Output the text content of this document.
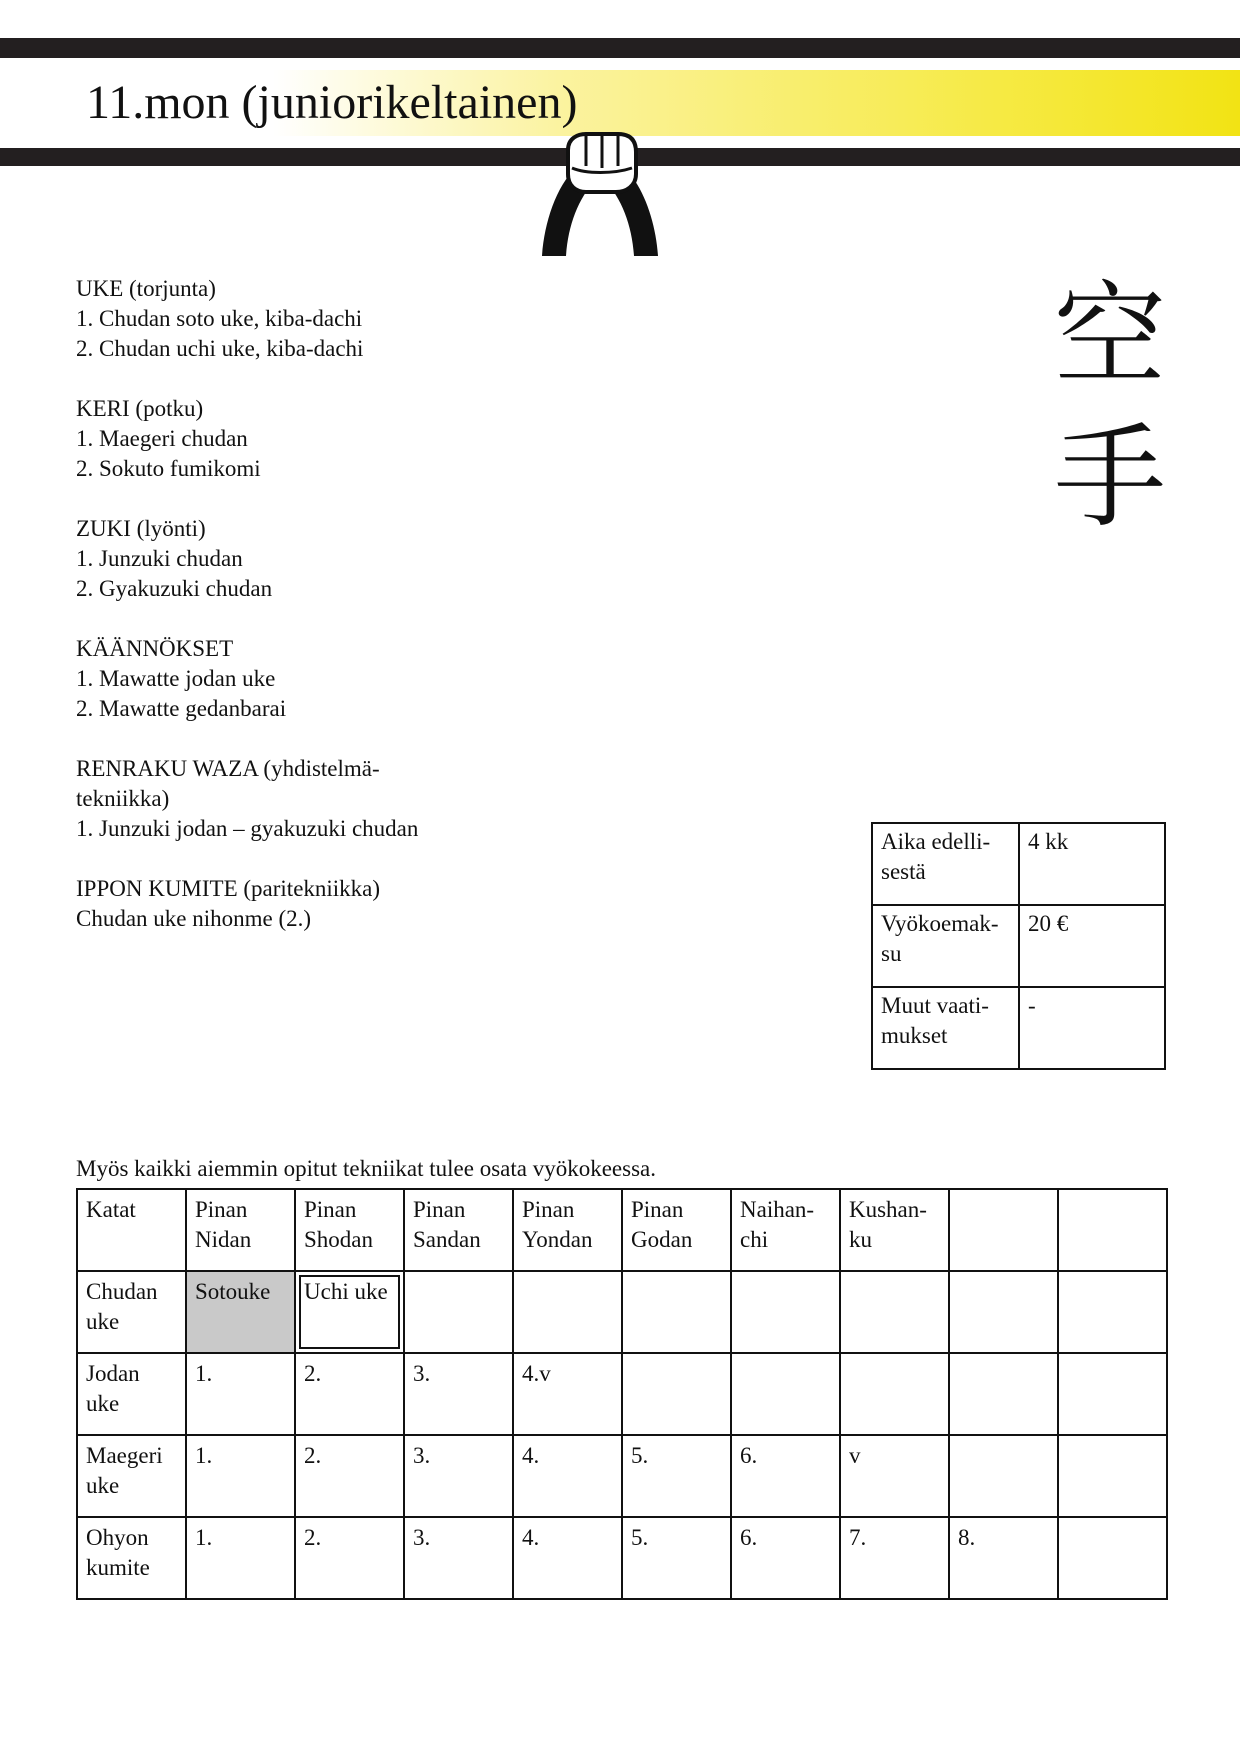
11.mon (juniorikeltainen)
空
手
UKE (torjunta)
1. Chudan soto uke, kiba-dachi
2. Chudan uchi uke, kiba-dachi
KERI (potku)
1. Maegeri chudan
2. Sokuto fumikomi
ZUKI (lyönti)
1. Junzuki chudan
2. Gyakuzuki chudan
KÄÄNNÖKSET
1. Mawatte jodan uke
2. Mawatte gedanbarai
RENRAKU WAZA (yhdistelmä-tekniikka)
1. Junzuki jodan – gyakuzuki chudan
IPPON KUMITE (paritekniikka)
Chudan uke nihonme (2.)
Aika edelli-sestä	4 kk
Vyökoemak-su	20 €
Muut vaati-mukset	-
Myös kaikki aiemmin opitut tekniikat tulee osata vyökokeessa.
Katat	Pinan Nidan	Pinan Shodan	Pinan Sandan	Pinan Yondan	Pinan Godan	Naihan-chi	Kushan-ku		
Chudan uke	Sotouke	Uchi uke							
Jodan uke	1.	2.	3.	4.v					
Maegeri uke	1.	2.	3.	4.	5.	6.	v		
Ohyon kumite	1.	2.	3.	4.	5.	6.	7.	8.	
